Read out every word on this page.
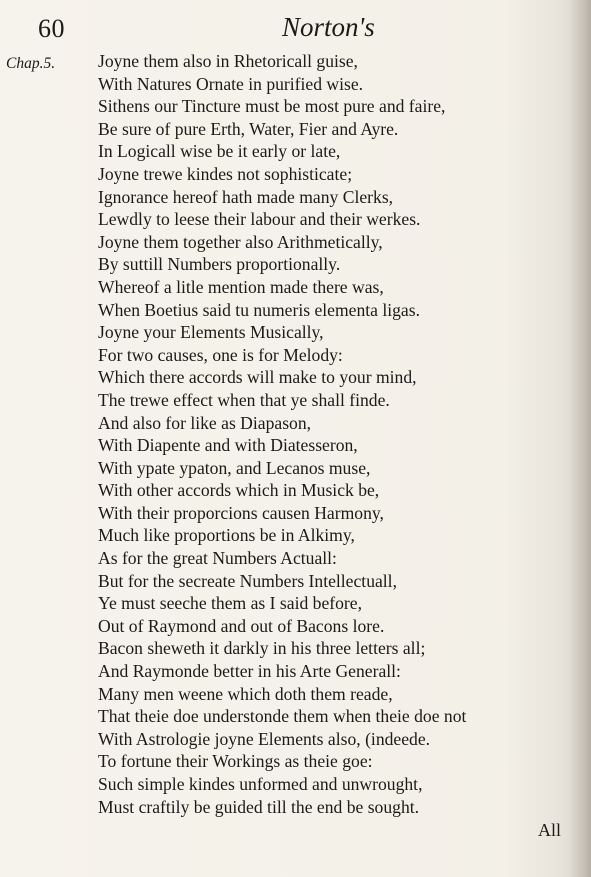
60	Norton's
Chap.5. Joyne them also in Rhetoricall guise,
With Natures Ornate in purified wise.
Sithens our Tincture must be most pure and faire,
Be sure of pure Erth, Water, Fier and Ayre.
In Logicall wise be it early or late,
Joyne trewe kindes not sophisticate;
Ignorance hereof hath made many Clerks,
Lewdly to leese their labour and their werkes.
Joyne them together also Arithmetically,
By suttill Numbers proportionally.
Whereof a litle mention made there was,
When Boetius said tu numeris elementa ligas.
Joyne your Elements Musically,
For two causes, one is for Melody:
Which there accords will make to your mind,
The trewe effect when that ye shall finde.
And also for like as Diapason,
With Diapente and with Diatesseron,
With ypate ypaton, and Lecanos muse,
With other accords which in Musick be,
With their proporcions causen Harmony,
Much like proportions be in Alkimy,
As for the great Numbers Actuall:
But for the secreate Numbers Intellectuall,
Ye must seeche them as I said before,
Out of Raymond and out of Bacons lore.
Bacon sheweth it darkly in his three letters all;
And Raymonde better in his Arte Generall:
Many men weene which doth them reade,
That theie doe understonde them when theie doe not
With Astrologie joyne Elements also, (indeede.
To fortune their Workings as theie goe:
Such simple kindes unformed and unwrought,
Must craftily be guided till the end be sought.
All
